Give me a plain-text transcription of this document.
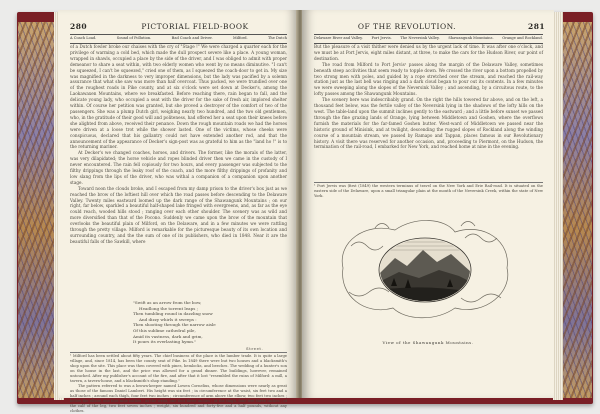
280	PICTORIAL FIELD-BOOK
A Coach Load.	Sound of Pollution.	Bad Coach and Driver.	Milford.	The Dutch

of a Dutch fowler broke our chaises with the cry of "Stage !" We were charged a quarter each for the privilege of warming a cold bed, which made the dull prospect severe like a place. A young woman, wrapped in shawls, occupied a place by the side of the driver, and I was obliged to admit with proper demeanor to share a seat within, with two elderly women who went by no means diminutive. "I can't be squeezed, I can't be squeezed," cried one of them, as I squeezed the coach-door to get in. My size was magnified in the darkness to very improper dimensions, but the lady was pacified by a solemn assurance that what she saw was more than half overcoat. Thus packed, we were trundled over one of the roughest roads in Pike county, and at six o'clock were set down at Decker's, among the Laokawaxen Mountains, where we breakfasted. Before reaching there, rain began to fall, and the delicate young lady, who occupied a seat with the driver for the sake of fresh air, implored shelter within. Of course her petition was granted, but she proved a destroyer of the comfort of two of the passengers. She was a plump Dutch girl, weighing nearly two hundred, and the two old gentlemen, who, in the gratitude of their good will and politeness, had offered her a seat upon their knees before she alighted from above, received their penance. Down the rough mountain roads we had the horses were driven at a loose trot while the shower lasted. One of the victims, whose cheeks were conspicuous, declared that his gallantry could not have extended another rod, and that the announcement of the appearance of Decker's sign-post was as grateful to him as the "land ho !" is to the returning mariner.

At Decker's we changed coaches, horses, and drivers. The former, like the morals of the latter, was very dilapidated; the horse vehicle and ropes blinded driver then we came in the custody of I never encountered. The rain fell copiously for two hours, and every passenger was subjected to the filthy drippings through the leaky roof of the coach, and the more filthy drippings of profanity and low slang from the lips of the driver, who was withal a companion of a companion upon another stage.

Toward noon the clouds broke, and I escaped from my damp prison to the driver's box just as we reached the brow of the loftiest hill over which the road passes before descending to the Delaware Valley. Twenty miles eastward loomed up the dark range of the Shawangunk Mountains ; on our right, far below, sparkled a beautiful half-shaped lake fringed with evergreens, and, as far as the eye could reach, wooded hills stood ; ranging over each other shoulder. The scenery was as wild and more diversified than that of the Pocono. Suddenly we came upon the brow of the mountain that overlooks the beautiful plain of Milford, on the Delaware, and in a few minutes we were rattling through the pretty village. Milford is remarkable for the picturesque beauty of its own location and surrounding country, and the the sum of one of its publishers, who died in 1848. Near it are the beautiful falls of the Sawkill, where

"Swift as an arrow from the bow,
Headlong the torrent leaps ;
Then tumbling round in dazzling snow
And dizzy whirls it sweeps :
Then shooting through the narrow aisle
Of this sublime cathedral pile,
Amid its vastness, dark and grim,
It pours its everlasting hymn."
Street.

¹ Milford has been settled about fifty years. The chief business of the place is the lumber trade. It is quite a large village, and, since 1814, has been the county seat of Pike. In 1849 there were but two houses and a blacksmith's shop upon the site. This place was then covered with pines, hemlocks, and beeches. The wedding of a hunter's son on the house in the last, and the price was allowed for a grand dinner. The buildings, however, remained untouched. After my publisher's account of the fire, and after that it lost "resembled the ruins of Milford: a mill, a tavern, a tavern-house, and a blacksmith's shop standing."

The pattern referred to was a brown-keeper named Lowen Cornelius, whose dimensions were nearly as great as those of the famous Daniel Lambert. His height was six feet ; in circumference at the waist, six feet two and a half inches ; around each thigh, four feet two inches ; circumference of arm above the elbow, two feet two inches ; below the elbow, one foot nine inches ; at the wrist, one foot three inches ; of the thigh, four feet three inches ; of the calf of the leg, two feet seven inches ; weight, six hundred and forty-five and a half pounds, without any clothes.

OF THE REVOLUTION.	281
Delaware River and Valley. Port Jervis. The Neversink Valley. Shawangunk Mountains. Orange and Rockland.

But the pleasure of a visit thither were denied us by the urgent lack of time. It was after one o'clock, and we must be at Port Jervis, eight miles distant, at three, to make the cars for the Hudson River, our point of destination.

The road from Milford to Port Jervis¹ passes along the margin of the Delaware Valley, sometimes beneath steep acclivities that seem ready to topple down. We crossed the river upon a bottom propelled by two strong men with poles, and guided by a rope stretched over the stream, and reached the rail-way station just as the last bell was ringing and a dark cloud began to pour out its contents. In a few minutes we were sweeping along the slopes of the Neversink Valley ; and ascending, by a circuitous route, to the lofty passes among the Shawangunk Mountains.

The scenery here was indescribably grand. On the right the hills towered far above, and on the left, a thousand feet below, was the fertile valley of the Neversink lying in the shadows of the lofty hills on the west. The table-land upon the summit inclines gently to the eastward ; and a little before sunset we passed through the fine grazing lands of Orange, lying between Middletown and Goshen, where the overflows furnish the materials for the far-famed Goshen butter. West-ward of Middletown we passed near the historic ground of Minisink, and at twilight, descending the rugged slopes of Rockland along the winding course of a mountain stream, we passed by Ramapo and Tappan, places famous in our Revolutionary history. A visit there was reserved for another occasion, and, proceeding to Piermont, on the Hudson, the termination of the rail-road, I embarked for New York, and reached home at nine in the evening.

¹ Port Jervis was (first (1849) the western terminus of travel on the New York and Erie Rail-road. It is situated on the eastern side of the Delaware, upon a small triangular plain at the mouth of the Neversink Creek, within the state of New York.
View of the Shawangunk Mountains.
